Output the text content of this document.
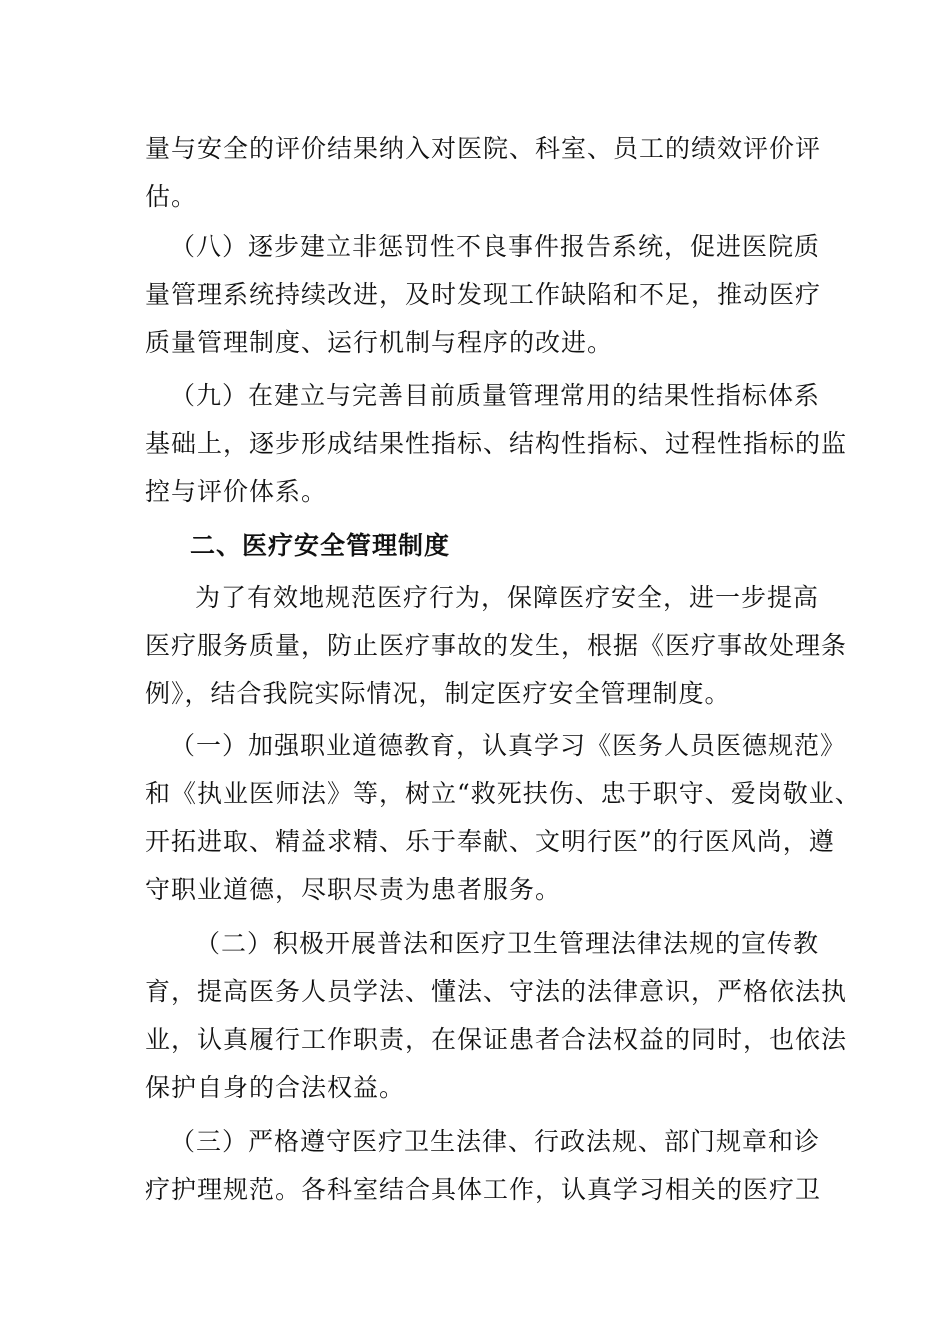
量与安全的评价结果纳入对医院、科室、员工的绩效评价评
估。
（八）逐步建立非惩罚性不良事件报告系统，促进医院质
量管理系统持续改进，及时发现工作缺陷和不足，推动医疗
质量管理制度、运行机制与程序的改进。
（九）在建立与完善目前质量管理常用的结果性指标体系
基础上，逐步形成结果性指标、结构性指标、过程性指标的监
控与评价体系。
二、医疗安全管理制度
为了有效地规范医疗行为，保障医疗安全，进一步提高
医疗服务质量，防止医疗事故的发生，根据《医疗事故处理条
例》，结合我院实际情况，制定医疗安全管理制度。
（一）加强职业道德教育，认真学习《医务人员医德规范》
和《执业医师法》等，树立“救死扶伤、忠于职守、爱岗敬业、
开拓进取、精益求精、乐于奉献、文明行医”的行医风尚，遵
守职业道德，尽职尽责为患者服务。
（二）积极开展普法和医疗卫生管理法律法规的宣传教
育，提高医务人员学法、懂法、守法的法律意识，严格依法执
业，认真履行工作职责，在保证患者合法权益的同时，也依法
保护自身的合法权益。
（三）严格遵守医疗卫生法律、行政法规、部门规章和诊
疗护理规范。各科室结合具体工作，认真学习相关的医疗卫
